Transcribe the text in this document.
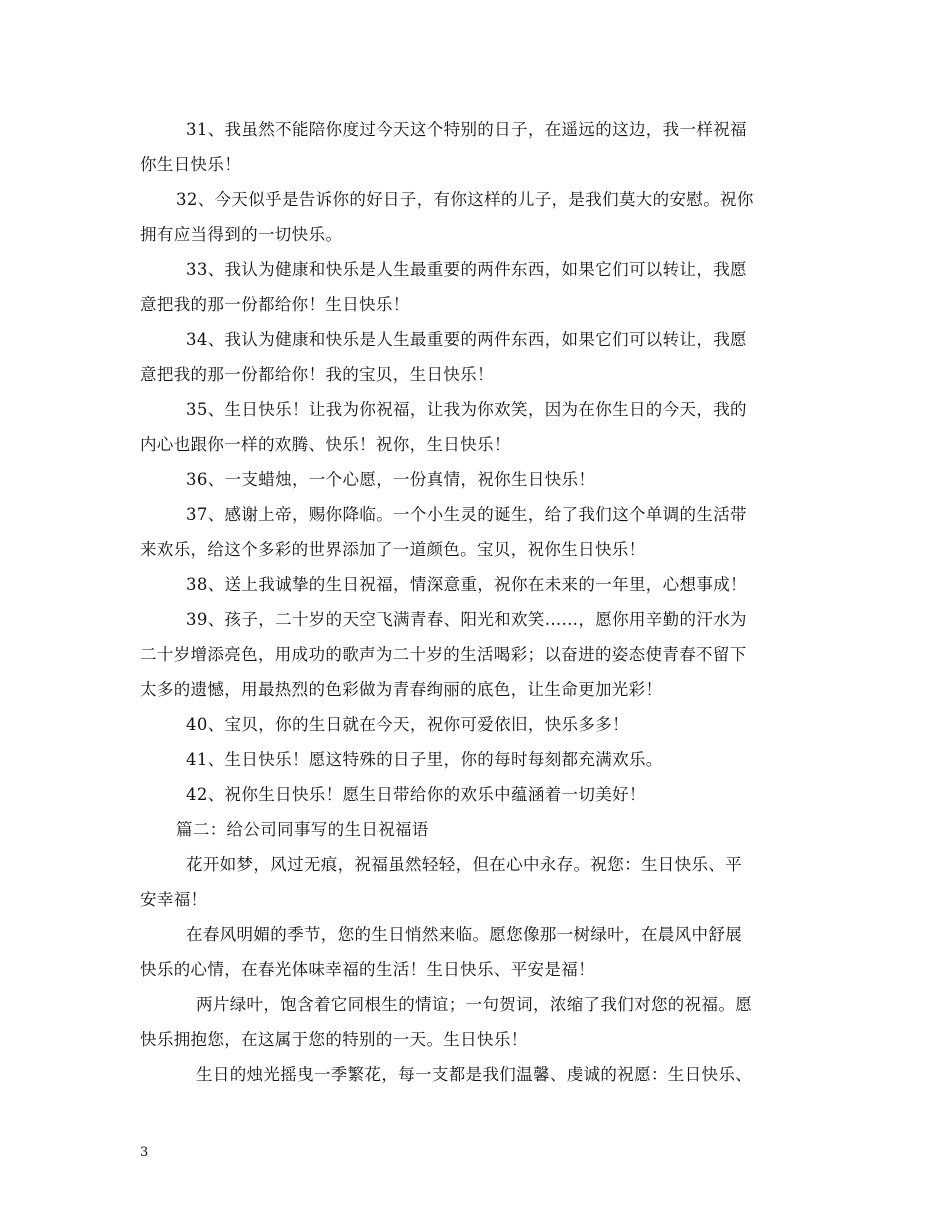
31、我虽然不能陪你度过今天这个特别的日子，在遥远的这边，我一样祝福
你生日快乐！
32、今天似乎是告诉你的好日子，有你这样的儿子，是我们莫大的安慰。祝你
拥有应当得到的一切快乐。
33、我认为健康和快乐是人生最重要的两件东西，如果它们可以转让，我愿
意把我的那一份都给你！生日快乐！
34、我认为健康和快乐是人生最重要的两件东西，如果它们可以转让，我愿
意把我的那一份都给你！我的宝贝，生日快乐！
35、生日快乐！让我为你祝福，让我为你欢笑，因为在你生日的今天，我的
内心也跟你一样的欢腾、快乐！祝你，生日快乐！
36、一支蜡烛，一个心愿，一份真情，祝你生日快乐！
37、感谢上帝，赐你降临。一个小生灵的诞生，给了我们这个单调的生活带
来欢乐，给这个多彩的世界添加了一道颜色。宝贝，祝你生日快乐！
38、送上我诚挚的生日祝福，情深意重，祝你在未来的一年里，心想事成！
39、孩子，二十岁的天空飞满青春、阳光和欢笑……，愿你用辛勤的汗水为
二十岁增添亮色，用成功的歌声为二十岁的生活喝彩；以奋进的姿态使青春不留下
太多的遗憾，用最热烈的色彩做为青春绚丽的底色，让生命更加光彩！
40、宝贝，你的生日就在今天，祝你可爱依旧，快乐多多！
41、生日快乐！愿这特殊的日子里，你的每时每刻都充满欢乐。
42、祝你生日快乐！愿生日带给你的欢乐中蕴涵着一切美好！
篇二：给公司同事写的生日祝福语
花开如梦，风过无痕，祝福虽然轻轻，但在心中永存。祝您：生日快乐、平
安幸福！
在春风明媚的季节，您的生日悄然来临。愿您像那一树绿叶，在晨风中舒展
快乐的心情，在春光体味幸福的生活！生日快乐、平安是福！
两片绿叶，饱含着它同根生的情谊；一句贺词，浓缩了我们对您的祝福。愿
快乐拥抱您，在这属于您的特别的一天。生日快乐！
生日的烛光摇曳一季繁花，每一支都是我们温馨、虔诚的祝愿：生日快乐、
3
